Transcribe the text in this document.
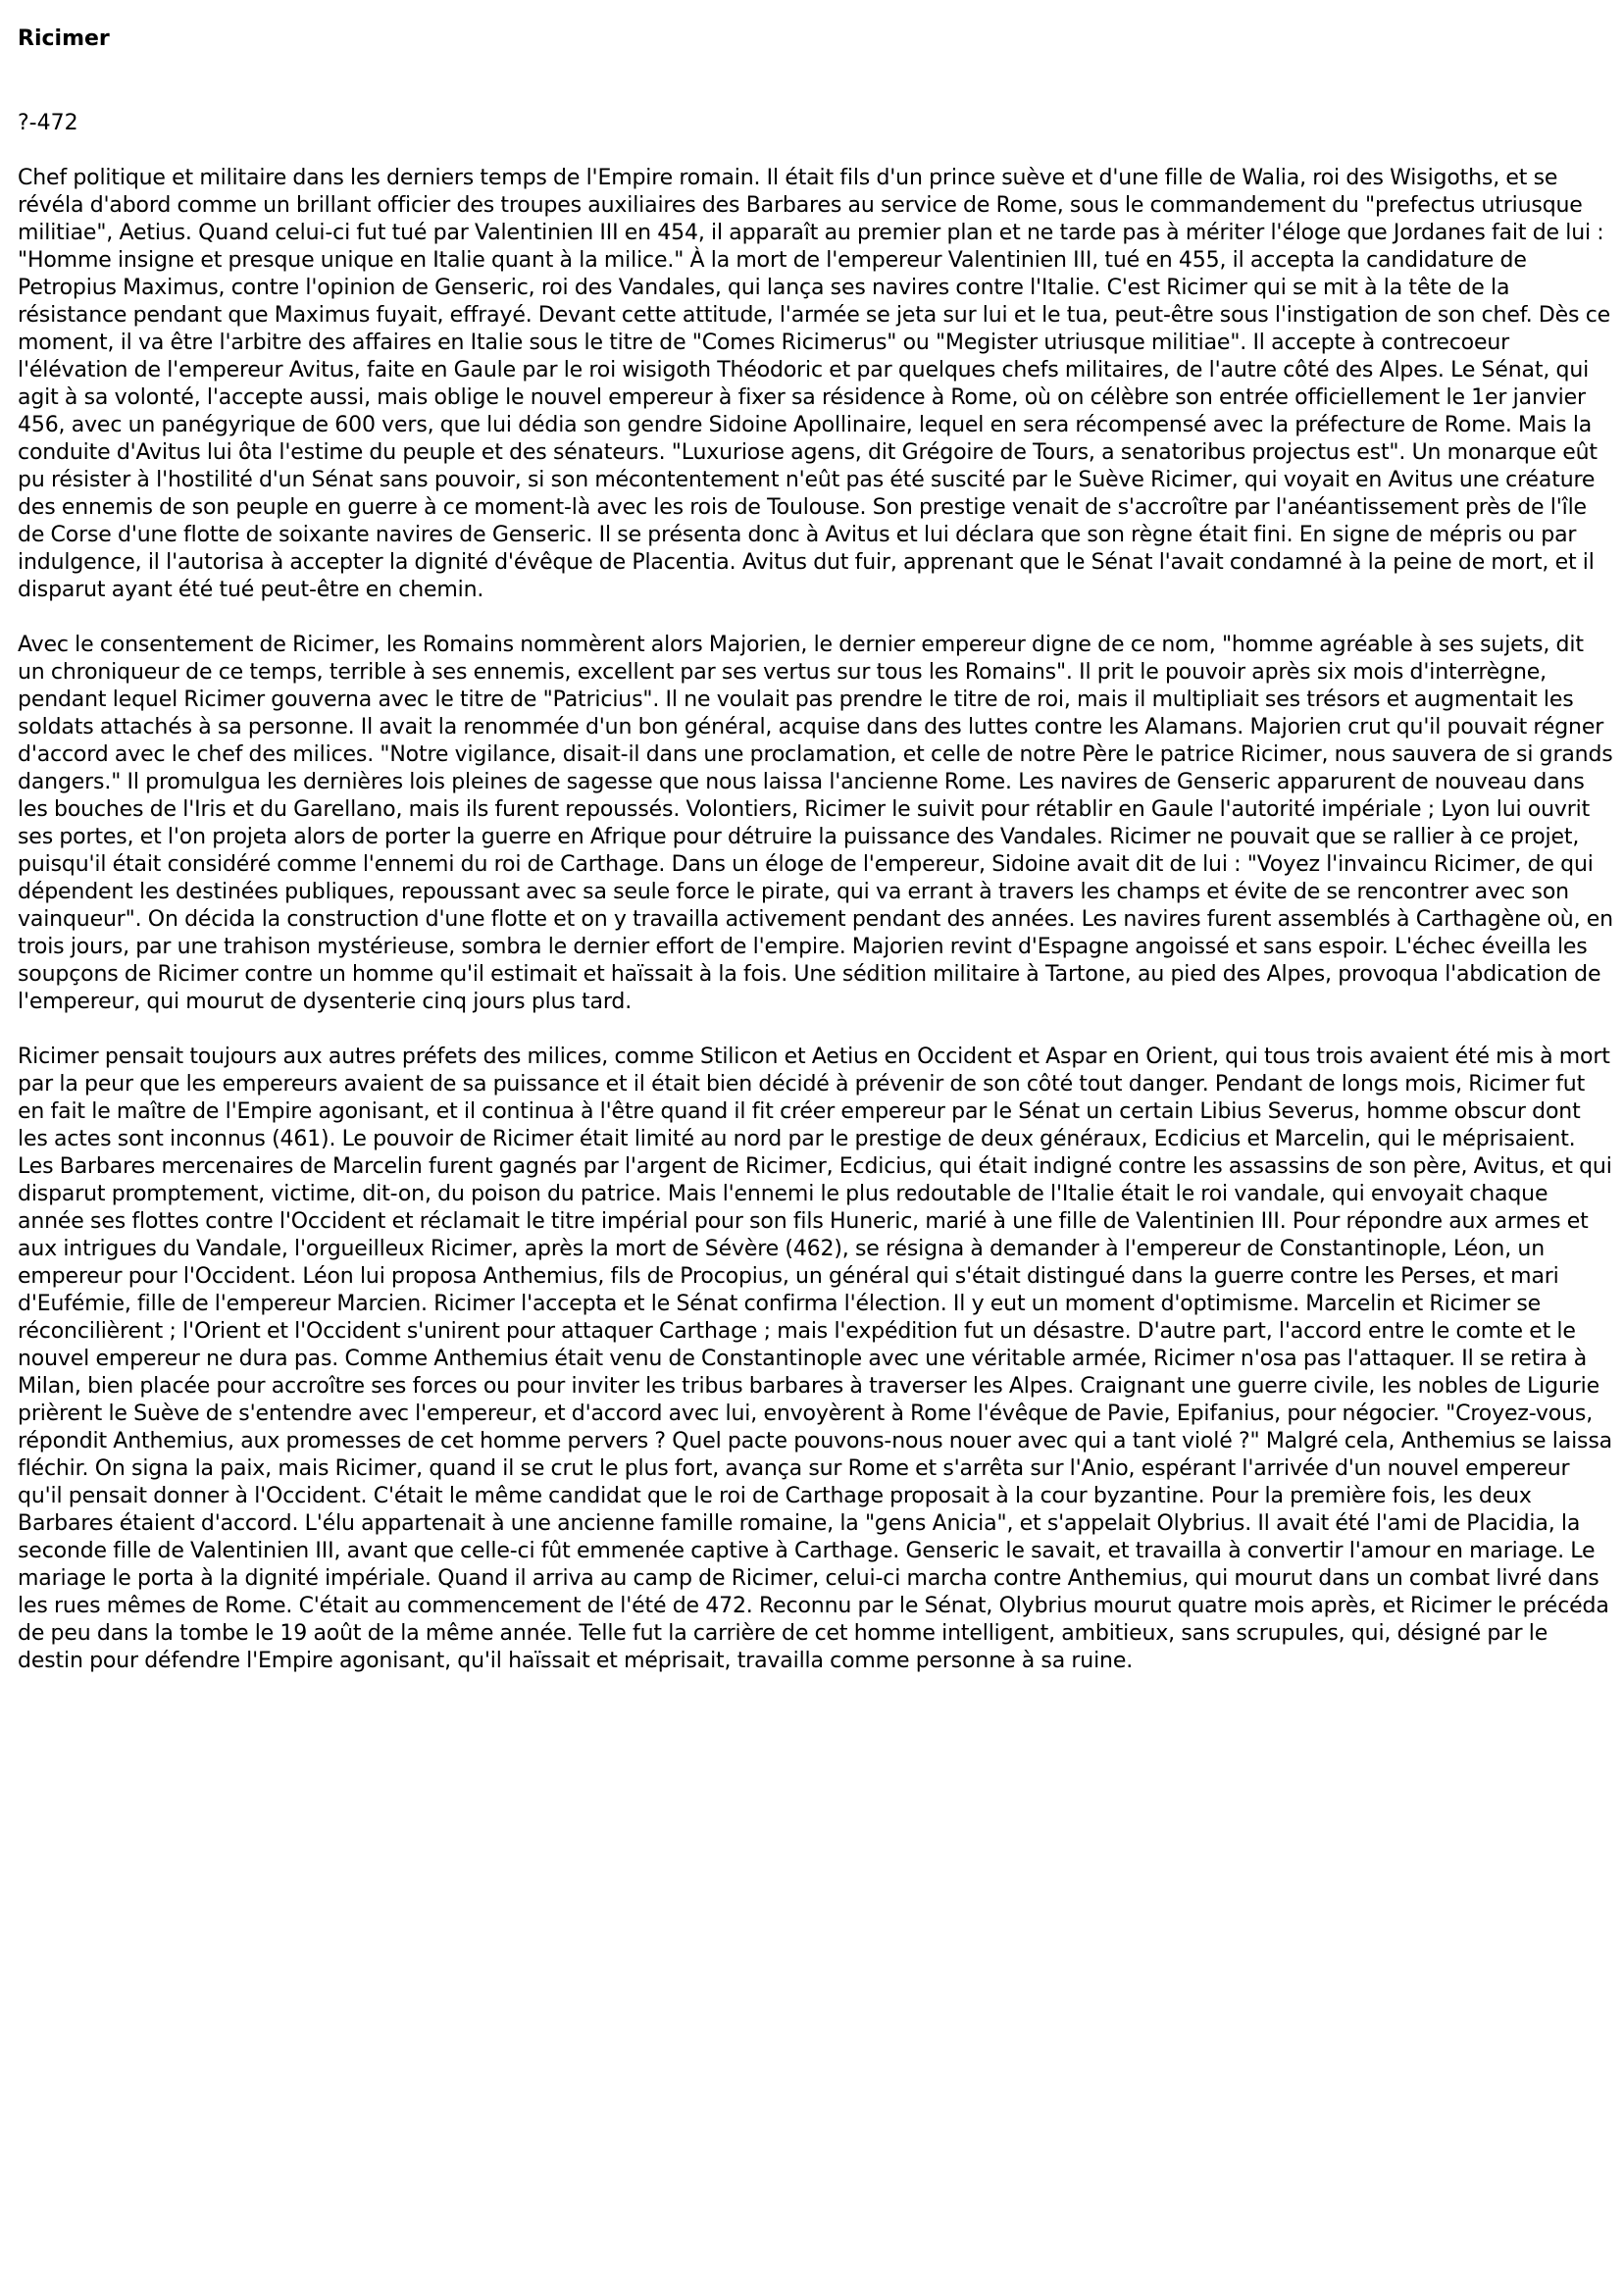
Ricimer

?-472

Chef politique et militaire dans les derniers temps de l'Empire romain. Il était fils d'un prince suève et d'une fille de Walia, roi des Wisigoths, et se révéla d'abord comme un brillant officier des troupes auxiliaires des Barbares au service de Rome, sous le commandement du "prefectus utriusque militiae", Aetius. Quand celui-ci fut tué par Valentinien III en 454, il apparaît au premier plan et ne tarde pas à mériter l'éloge que Jordanes fait de lui : "Homme insigne et presque unique en Italie quant à la milice." À la mort de l'empereur Valentinien III, tué en 455, il accepta la candidature de Petropius Maximus, contre l'opinion de Genseric, roi des Vandales, qui lança ses navires contre l'Italie. C'est Ricimer qui se mit à la tête de la résistance pendant que Maximus fuyait, effrayé. Devant cette attitude, l'armée se jeta sur lui et le tua, peut-être sous l'instigation de son chef. Dès ce moment, il va être l'arbitre des affaires en Italie sous le titre de "Comes Ricimerus" ou "Megister utriusque militiae". Il accepte à contrecoeur l'élévation de l'empereur Avitus, faite en Gaule par le roi wisigoth Théodoric et par quelques chefs militaires, de l'autre côté des Alpes. Le Sénat, qui agit à sa volonté, l'accepte aussi, mais oblige le nouvel empereur à fixer sa résidence à Rome, où on célèbre son entrée officiellement le 1er janvier 456, avec un panégyrique de 600 vers, que lui dédia son gendre Sidoine Apollinaire, lequel en sera récompensé avec la préfecture de Rome. Mais la conduite d'Avitus lui ôta l'estime du peuple et des sénateurs. "Luxuriose agens, dit Grégoire de Tours, a senatoribus projectus est". Un monarque eût pu résister à l'hostilité d'un Sénat sans pouvoir, si son mécontentement n'eût pas été suscité par le Suève Ricimer, qui voyait en Avitus une créature des ennemis de son peuple en guerre à ce moment-là avec les rois de Toulouse. Son prestige venait de s'accroître par l'anéantissement près de l'île de Corse d'une flotte de soixante navires de Genseric. Il se présenta donc à Avitus et lui déclara que son règne était fini. En signe de mépris ou par indulgence, il l'autorisa à accepter la dignité d'évêque de Placentia. Avitus dut fuir, apprenant que le Sénat l'avait condamné à la peine de mort, et il disparut ayant été tué peut-être en chemin.

Avec le consentement de Ricimer, les Romains nommèrent alors Majorien, le dernier empereur digne de ce nom, "homme agréable à ses sujets, dit un chroniqueur de ce temps, terrible à ses ennemis, excellent par ses vertus sur tous les Romains". Il prit le pouvoir après six mois d'interrègne, pendant lequel Ricimer gouverna avec le titre de "Patricius". Il ne voulait pas prendre le titre de roi, mais il multipliait ses trésors et augmentait les soldats attachés à sa personne. Il avait la renommée d'un bon général, acquise dans des luttes contre les Alamans. Majorien crut qu'il pouvait régner d'accord avec le chef des milices. "Notre vigilance, disait-il dans une proclamation, et celle de notre Père le patrice Ricimer, nous sauvera de si grands dangers." Il promulgua les dernières lois pleines de sagesse que nous laissa l'ancienne Rome. Les navires de Genseric apparurent de nouveau dans les bouches de l'Iris et du Garellano, mais ils furent repoussés. Volontiers, Ricimer le suivit pour rétablir en Gaule l'autorité impériale ; Lyon lui ouvrit ses portes, et l'on projeta alors de porter la guerre en Afrique pour détruire la puissance des Vandales. Ricimer ne pouvait que se rallier à ce projet, puisqu'il était considéré comme l'ennemi du roi de Carthage. Dans un éloge de l'empereur, Sidoine avait dit de lui : "Voyez l'invaincu Ricimer, de qui dépendent les destinées publiques, repoussant avec sa seule force le pirate, qui va errant à travers les champs et évite de se rencontrer avec son vainqueur". On décida la construction d'une flotte et on y travailla activement pendant des années. Les navires furent assemblés à Carthagène où, en trois jours, par une trahison mystérieuse, sombra le dernier effort de l'empire. Majorien revint d'Espagne angoissé et sans espoir. L'échec éveilla les soupçons de Ricimer contre un homme qu'il estimait et haïssait à la fois. Une sédition militaire à Tartone, au pied des Alpes, provoqua l'abdication de l'empereur, qui mourut de dysenterie cinq jours plus tard.

Ricimer pensait toujours aux autres préfets des milices, comme Stilicon et Aetius en Occident et Aspar en Orient, qui tous trois avaient été mis à mort par la peur que les empereurs avaient de sa puissance et il était bien décidé à prévenir de son côté tout danger. Pendant de longs mois, Ricimer fut en fait le maître de l'Empire agonisant, et il continua à l'être quand il fit créer empereur par le Sénat un certain Libius Severus, homme obscur dont les actes sont inconnus (461). Le pouvoir de Ricimer était limité au nord par le prestige de deux généraux, Ecdicius et Marcelin, qui le méprisaient. Les Barbares mercenaires de Marcelin furent gagnés par l'argent de Ricimer, Ecdicius, qui était indigné contre les assassins de son père, Avitus, et qui disparut promptement, victime, dit-on, du poison du patrice. Mais l'ennemi le plus redoutable de l'Italie était le roi vandale, qui envoyait chaque année ses flottes contre l'Occident et réclamait le titre impérial pour son fils Huneric, marié à une fille de Valentinien III. Pour répondre aux armes et aux intrigues du Vandale, l'orgueilleux Ricimer, après la mort de Sévère (462), se résigna à demander à l'empereur de Constantinople, Léon, un empereur pour l'Occident. Léon lui proposa Anthemius, fils de Procopius, un général qui s'était distingué dans la guerre contre les Perses, et mari d'Eufémie, fille de l'empereur Marcien. Ricimer l'accepta et le Sénat confirma l'élection. Il y eut un moment d'optimisme. Marcelin et Ricimer se réconcilièrent ; l'Orient et l'Occident s'unirent pour attaquer Carthage ; mais l'expédition fut un désastre. D'autre part, l'accord entre le comte et le nouvel empereur ne dura pas. Comme Anthemius était venu de Constantinople avec une véritable armée, Ricimer n'osa pas l'attaquer. Il se retira à Milan, bien placée pour accroître ses forces ou pour inviter les tribus barbares à traverser les Alpes. Craignant une guerre civile, les nobles de Ligurie prièrent le Suève de s'entendre avec l'empereur, et d'accord avec lui, envoyèrent à Rome l'évêque de Pavie, Epifanius, pour négocier. "Croyez-vous, répondit Anthemius, aux promesses de cet homme pervers ? Quel pacte pouvons-nous nouer avec qui a tant violé ?" Malgré cela, Anthemius se laissa fléchir. On signa la paix, mais Ricimer, quand il se crut le plus fort, avança sur Rome et s'arrêta sur l'Anio, espérant l'arrivée d'un nouvel empereur qu'il pensait donner à l'Occident. C'était le même candidat que le roi de Carthage proposait à la cour byzantine. Pour la première fois, les deux Barbares étaient d'accord. L'élu appartenait à une ancienne famille romaine, la "gens Anicia", et s'appelait Olybrius. Il avait été l'ami de Placidia, la seconde fille de Valentinien III, avant que celle-ci fût emmenée captive à Carthage. Genseric le savait, et travailla à convertir l'amour en mariage. Le mariage le porta à la dignité impériale. Quand il arriva au camp de Ricimer, celui-ci marcha contre Anthemius, qui mourut dans un combat livré dans les rues mêmes de Rome. C'était au commencement de l'été de 472. Reconnu par le Sénat, Olybrius mourut quatre mois après, et Ricimer le précéda de peu dans la tombe le 19 août de la même année. Telle fut la carrière de cet homme intelligent, ambitieux, sans scrupules, qui, désigné par le destin pour défendre l'Empire agonisant, qu'il haïssait et méprisait, travailla comme personne à sa ruine.
